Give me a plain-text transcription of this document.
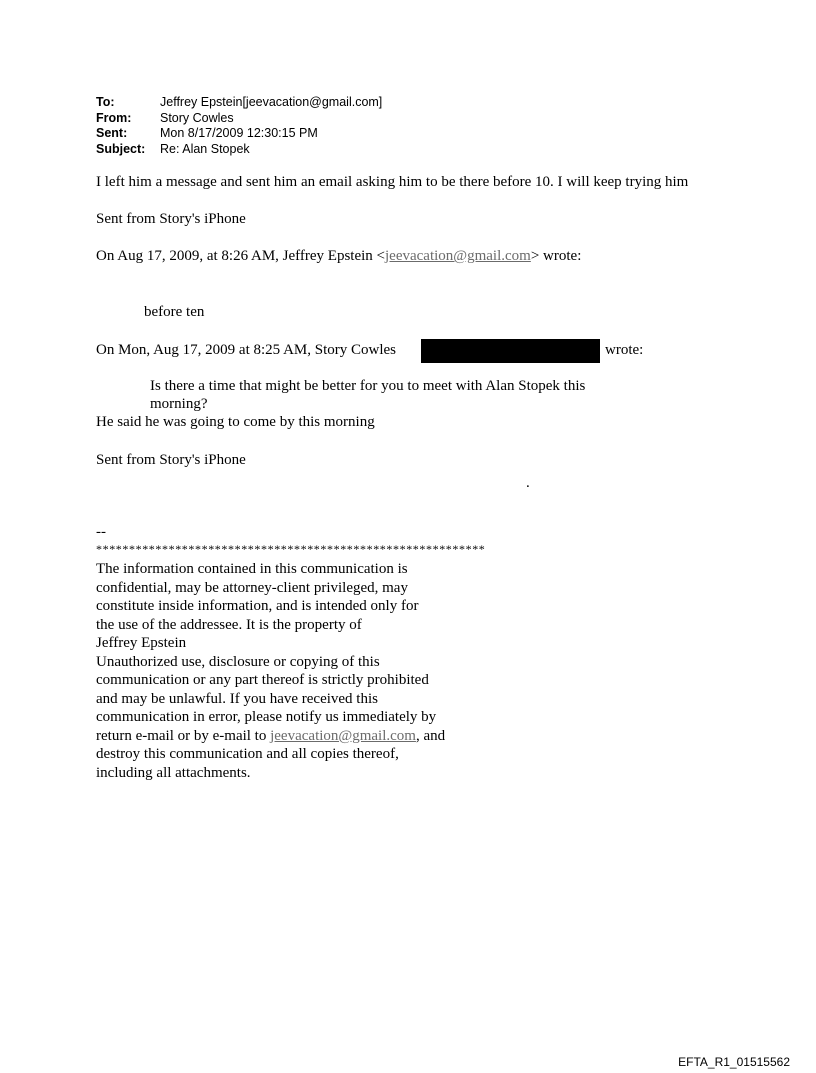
To:	Jeffrey Epstein[jeevacation@gmail.com]
From:	Story Cowles
Sent:	Mon 8/17/2009 12:30:15 PM
Subject:	Re: Alan Stopek
I left him a message and sent him an email asking him to be there before 10. I will keep trying him
Sent from Story's iPhone
On Aug 17, 2009, at 8:26 AM, Jeffrey Epstein <jeevacation@gmail.com> wrote:
before ten
On Mon, Aug 17, 2009 at 8:25 AM, Story Cowles	wrote:
Is there a time that might be better for you to meet with Alan Stopek this
morning?
He said he was going to come by this morning
Sent from Story's iPhone
.
--
***********************************************************
The information contained in this communication is
confidential, may be attorney-client privileged, may
constitute inside information, and is intended only for
the use of the addressee. It is the property of
Jeffrey Epstein
Unauthorized use, disclosure or copying of this
communication or any part thereof is strictly prohibited
and may be unlawful. If you have received this
communication in error, please notify us immediately by
return e-mail or by e-mail to jeevacation@gmail.com, and
destroy this communication and all copies thereof,
including all attachments.
EFTA_R1_01515562
